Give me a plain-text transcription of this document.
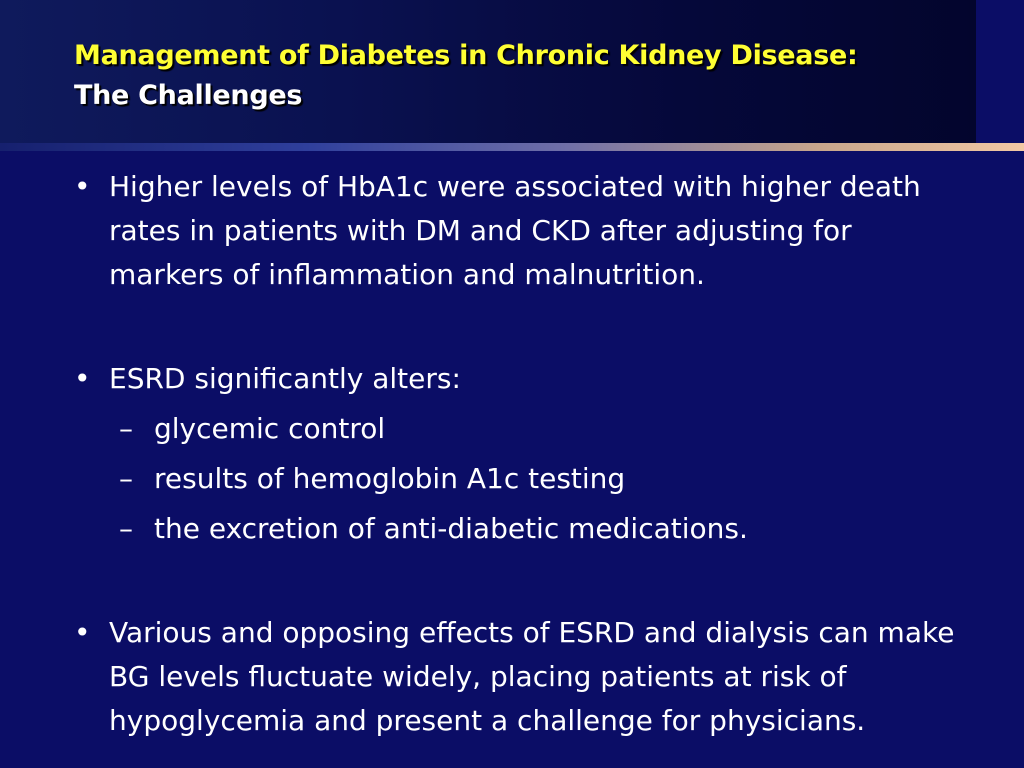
Management of Diabetes in Chronic Kidney Disease:
The Challenges

• Higher levels of HbA1c were associated with higher death rates in patients with DM and CKD after adjusting for markers of inflammation and malnutrition.

• ESRD significantly alters:

– glycemic control

– results of hemoglobin A1c testing

– the excretion of anti-diabetic medications.

• Various and opposing effects of ESRD and dialysis can make BG levels fluctuate widely, placing patients at risk of hypoglycemia and present a challenge for physicians.
